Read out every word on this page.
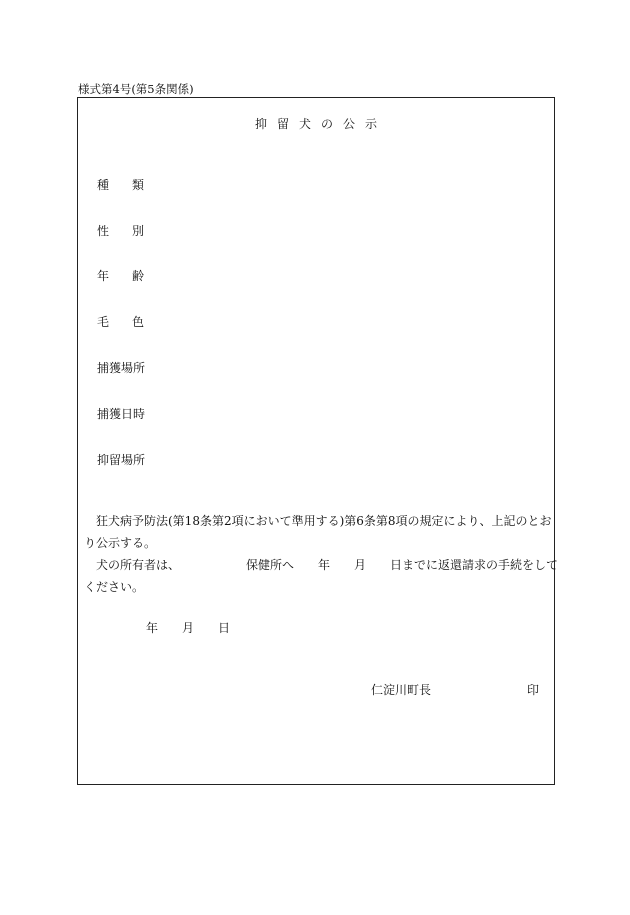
様式第4号(第5条関係)
抑留犬の公示
種 類
性 別
年 齢
毛 色
捕獲場所
捕獲日時
抑留場所
　狂犬病予防法(第18条第2項において準用する)第6条第8項の規定により、上記のとお
り公示する。
　犬の所有者は、　　　　　　保健所へ　　年　　月　　日までに返還請求の手続をして
ください。
年　　月　　日
仁淀川町長	印
